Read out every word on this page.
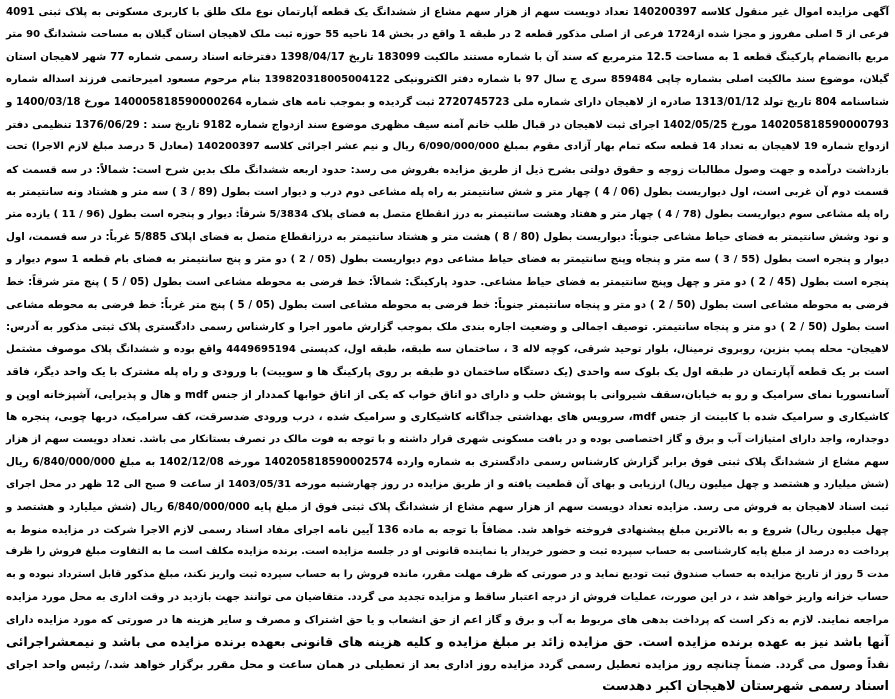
آگهی مزایده اموال غیر منقول کلاسه 140200397 تعداد دویست سهم از هزار سهم مشاع از ششدانگ یک قطعه آپارتمان نوع ملک طلق با کاربری مسکونی به پلاک ثبتی 4091
فرعی از 5 اصلی مفروز و مجزا شده از1724 فرعی از اصلی مذکور قطعه 2 در طبقه 1 واقع در بخش 14 ناحیه 55 حوزه ثبت ملک لاهیجان استان گیلان به مساحت ششدانگ 90 متر
مربع باانضمام پارکینگ قطعه 1 به مساحت 12.5 مترمربع که سند آن با شماره مستند مالکیت 183099 تاریخ 1398/04/17 دفترخانه اسناد رسمی شماره 77 شهر لاهیجان استان
گیلان، موضوع سند مالکیت اصلی بشماره چاپی 859484 سری ج سال 97 با شماره دفتر الکترونیکی 139820318005004122 بنام مرحوم مسعود امیرحاتمی فرزند اسداله شماره
شناسنامه 804 تاریخ تولد 1313/01/12 صادره از لاهیجان دارای شماره ملی 2720745723 ثبت گردیده و بموجب نامه های شماره 140005818590000264 مورخ 1400/03/18 و
140205818590000793 مورخ 1402/05/25 اجرای ثبت لاهیجان در قبال طلب خانم آمنه سیف مظهری موضوع سند ازدواج شماره 9182 تاریخ سند : 1376/06/29 تنظیمی دفتر
ازدواج شماره 19 لاهیجان به تعداد 14 قطعه سکه تمام بهار آزادی مقوم بمبلغ 6/090/000/000 ریال و نیم عشر اجرائی کلاسه 140200397 (معادل 5 درصد مبلغ لازم الاجرا) تحت
بازداشت درآمده و جهت وصول مطالبات زوجه و حقوق دولتی بشرح ذیل از طریق مزایده بفروش می رسد: حدود اربعه ششدانگ ملک بدین شرح است: شمالاً: در سه قسمت که
قسمت دوم آن غربی است، اول دیواریست بطول (06 / 4 ) چهار متر و شش سانتیمتر به راه پله مشاعی دوم درب و دیوار است بطول (89 / 3 ) سه متر و هشتاد ونه سانتیمتر به
راه پله مشاعی سوم دیواریست بطول (78 / 4 ) چهار متر و هفتاد وهشت سانتیمتر به درز انقطاع متصل به فضای پلاک 5/3834 شرقاً: دیوار و پنجره است بطول (96 / 11 ) یازده متر
و نود وشش سانتیمتر به فضای حیاط مشاعی جنوباً: دیواریست بطول (80 / 8 ) هشت متر و هشتاد سانتیمتر به درزانقطاع متصل به فضای اپلاک 5/885 غرباً: در سه قسمت، اول
دیوار و پنجره است بطول (55 / 3 ) سه متر و پنجاه وپنج سانتیمتر به فضای حیاط مشاعی دوم دیواریست بطول (05 / 2 ) دو متر و پنج سانتیمتر به فضای بام قطعه 1 سوم دیوار و
پنجره است بطول (45 / 2 ) دو متر و چهل وپنج سانتیمتر به فضای حیاط مشاعی. حدود پارکینگ: شمالاً: خط فرضی به محوطه مشاعی است بطول (05 / 5 ) پنج متر شرقاً: خط
فرضی به محوطه مشاعی است بطول (50 / 2 ) دو متر و پنجاه سانتیمتر جنوباً: خط فرضی به محوطه مشاعی است بطول (05 / 5 ) پنج متر غرباً: خط فرضی به محوطه مشاعی
است بطول (50 / 2 ) دو متر و پنجاه سانتیمتر. توصیف اجمالی و وضعیت اجاره بندی ملک بموجب گزارش مامور اجرا و کارشناس رسمی دادگستری پلاک ثبتی مذکور به آدرس:
لاهیجان- محله پمپ بنزین، روبروی ترمینال، بلوار توحید شرقی، کوچه لاله 3 ، ساختمان سه طبقه، طبقه اول، کدپستی 4449695194 واقع بوده و ششدانگ پلاک موصوف مشتمل
است بر یک قطعه آپارتمان در طبقه اول یک بلوک سه واحدی (یک دستگاه ساختمان دو طبقه بر روی پارکینگ ها و سوییت) با ورودی و راه پله مشترک با یک واحد دیگر، فاقد
آسانسوربا نمای سرامیک و رو به خیابان،سقف شیروانی با پوشش حلب و دارای دو اتاق خواب که یکی از اتاق خوابها کمددار از جنس mdf و هال و پذیرایی، آشپزخانه اوپن و
کاشیکاری و سرامیک شده با کابینت از جنس mdf، سرویس های بهداشتی جداگانه کاشیکاری و سرامیک شده ، درب ورودی ضدسرقت، کف سرامیک، دربها چوبی، پنجره ها
دوجداره، واجد دارای امتیازات آب و برق و گاز اختصاصی بوده و در بافت مسکونی شهری قرار داشته و با توجه به فوت مالک در تصرف بستانکار می باشد. تعداد دویست سهم از هزار
سهم مشاع از ششدانگ پلاک ثبتی فوق برابر گزارش کارشناس رسمی دادگستری به شماره وارده 140205818590002574 مورخه 1402/12/08 به مبلغ 6/840/000/000 ریال
(شش میلیارد و هشتصد و چهل میلیون ریال) ارزیابی و بهای آن قطعیت یافته و از طریق مزایده در روز چهارشنبه مورخه 1403/05/31 از ساعت 9 صبح الی 12 ظهر در محل اجرای
ثبت اسناد لاهیجان به فروش می رسد. مزایده تعداد دویست سهم از هزار سهم مشاع از ششدانگ پلاک ثبتی فوق از مبلغ پایه 6/840/000/000 ریال (شش میلیارد و هشتصد و
چهل میلیون ریال) شروع و به بالاترین مبلغ پیشنهادی فروخته خواهد شد. مضافاً با توجه به ماده 136 آیین نامه اجرای مفاد اسناد رسمی لازم الاجرا شرکت در مزایده منوط به
پرداخت ده درصد از مبلغ پایه کارشناسی به حساب سپرده ثبت و حضور خریدار یا نماینده قانونی او در جلسه مزایده است. برنده مزایده مکلف است ما به التفاوت مبلغ فروش را ظرف
مدت 5 روز از تاریخ مزایده به حساب صندوق ثبت تودیع نماید و در صورتی که ظرف مهلت مقرر، مانده فروش را به حساب سپرده ثبت واریز نکند، مبلغ مذکور قابل استرداد نبوده و به
حساب خزانه واریز خواهد شد ، در این صورت، عملیات فروش از درجه اعتبار ساقط و مزایده تجدید می گردد. متقاضیان می توانند جهت بازدید در وقت اداری به محل مورد مزایده
مراجعه نمایند. لازم به ذکر است که پرداخت بدهی های مربوط به آب و برق و گاز اعم از حق انشعاب و یا حق اشتراک و مصرف و سایر هزینه ها در صورتی که مورد مزایده دارای
آنها باشد نیز به عهده برنده مزایده است. حق مزایده زائد بر مبلغ مزایده و کلیه هزینه های قانونی بعهده برنده مزایده می باشد و نیمعشراجرائی
نقداً وصول می گردد. ضمناً چنانچه روز مزایده تعطیل رسمی گردد مزایده روز اداری بعد از تعطیلی در همان ساعت و محل مقرر برگزار خواهد شد./ رئیس واحد اجرای
اسناد رسمی شهرستان لاهیجان اکبر دهدست
